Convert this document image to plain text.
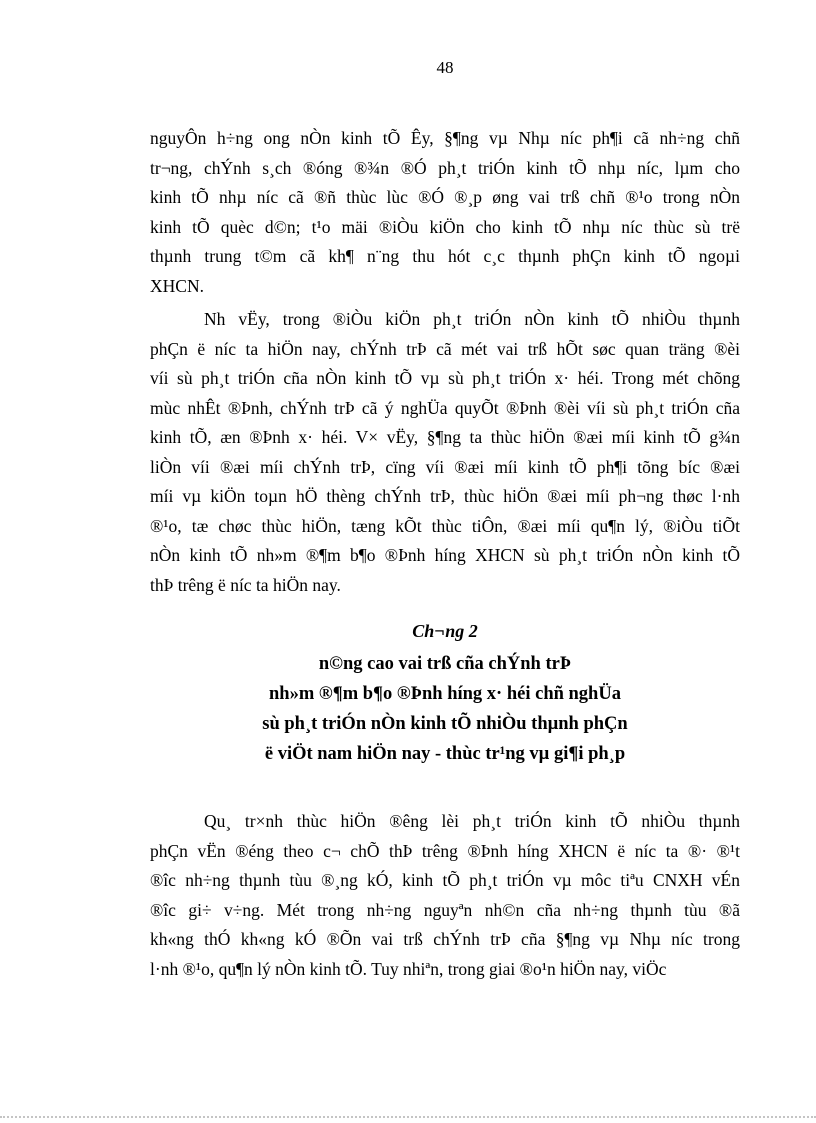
48
nguyÔn h÷ng ong nÒn kinh tÕ Êy, §¶ng vµ Nhµ níc ph¶i cã nh÷ng chñ
tr¬ng, chÝnh s¸ch ®óng ®¾n ®Ó ph¸t triÓn kinh tÕ nhµ níc, lµm cho
kinh tÕ nhµ níc cã ®ñ thùc lùc ®Ó ®¸p øng vai trß chñ ®¹o trong nÒn
kinh tÕ quèc d©n; t¹o mäi ®iÒu kiÖn cho kinh tÕ nhµ níc thùc sù trë
thµnh trung t©m cã kh¶ n¨ng thu hót c¸c thµnh phÇn kinh tÕ ngoµi
XHCN.
Nh vËy, trong ®iÒu kiÖn ph¸t triÓn nÒn kinh tÕ nhiÒu thµnh
phÇn ë níc ta hiÖn nay, chÝnh trÞ cã mét vai trß hÕt søc quan träng ®èi
víi sù ph¸t triÓn cña nÒn kinh tÕ vµ sù ph¸t triÓn x· héi. Trong mét chõng
mùc nhÊt ®Þnh, chÝnh trÞ cã ý nghÜa quyÕt ®Þnh ®èi víi sù ph¸t triÓn cña
kinh tÕ, æn ®Þnh x· héi. V× vËy, §¶ng ta thùc hiÖn ®æi míi kinh tÕ g¾n
liÒn víi ®æi míi chÝnh trÞ, cïng víi ®æi míi kinh tÕ ph¶i tõng bíc ®æi
míi vµ kiÖn toµn hÖ thèng chÝnh trÞ, thùc hiÖn ®æi míi ph¬ng thøc l·nh
®¹o, tæ chøc thùc hiÖn, tæng kÕt thùc tiÔn, ®æi míi qu¶n lý, ®iÒu tiÕt
nÒn kinh tÕ nh»m ®¶m b¶o ®Þnh híng XHCN sù ph¸t triÓn nÒn kinh tÕ
thÞ trêng ë níc ta hiÖn nay.
Ch¬ng 2
n©ng cao vai trß cña chÝnh trÞ
nh»m ®¶m b¶o ®Þnh híng x· héi chñ nghÜa
sù ph¸t triÓn nÒn kinh tÕ nhiÒu thµnh phÇn
ë viÖt nam hiÖn nay - thùc tr¹ng vµ gi¶i ph¸p
Qu¸ tr×nh thùc hiÖn ®êng lèi ph¸t triÓn kinh tÕ nhiÒu thµnh
phÇn vËn ®éng theo c¬ chÕ thÞ trêng ®Þnh híng XHCN ë níc ta ®· ®¹t
®îc nh÷ng thµnh tùu ®¸ng kÓ, kinh tÕ ph¸t triÓn vµ môc tiªu CNXH vÉn
®îc gi÷ v÷ng. Mét trong nh÷ng nguyªn nh©n cña nh÷ng thµnh tùu ®ã
kh«ng thÓ kh«ng kÓ ®Õn vai trß chÝnh trÞ cña §¶ng vµ Nhµ níc trong
l·nh ®¹o, qu¶n lý nÒn kinh tÕ. Tuy nhiªn, trong giai ®o¹n hiÖn nay, viÖc
